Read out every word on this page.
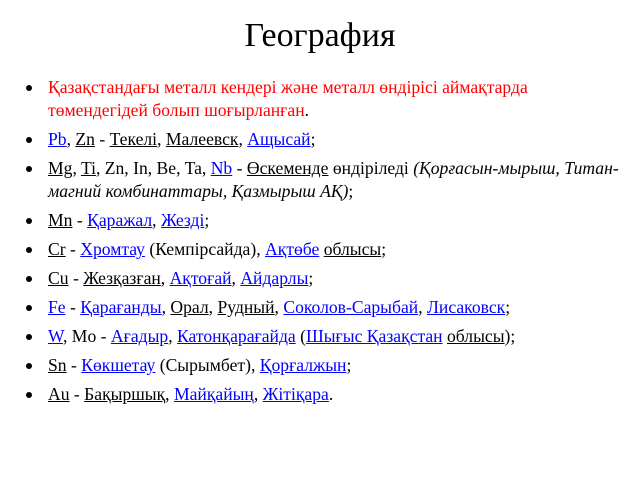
География
Қазақстандағы металл кендері және металл өндірісі аймақтарда төмендегідей болып шоғырланған.
Pb, Zn - Текелі, Малеевск, Ащысай;
Mg, Ti, Zn, In, Be, Ta, Nb - Өскеменде өндіріледі (Қорғасын-мырыш, Титан-магний комбинаттары, Қазмырыш АҚ);
Mn - Қаражал, Жезді;
Cr - Хромтау (Кемпірсайда), Ақтөбе облысы;
Cu - Жезқазған, Ақтоғай, Айдарлы;
Fe - Қарағанды, Орал, Рудный, Соколов-Сарыбай, Лисаковск;
W, Mo - Ағадыр, Катонқарағайда (Шығыс Қазақстан облысы);
Sn - Көкшетау (Сырымбет), Қорғалжын;
Au - Бақыршық, Майқайың, Жітіқара.
